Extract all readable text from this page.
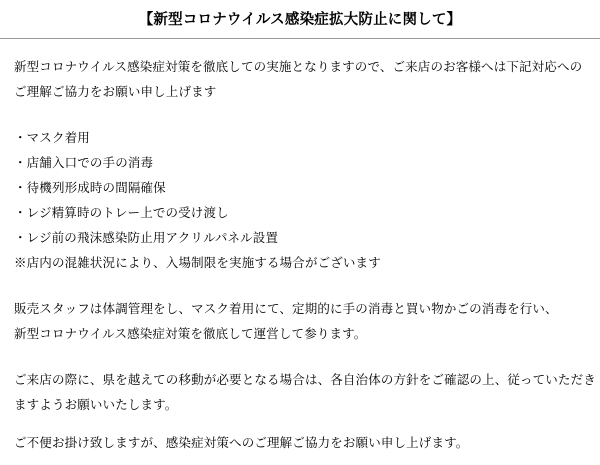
【新型コロナウイルス感染症拡大防止に関して】
新型コロナウイルス感染症対策を徹底しての実施となりますので、ご来店のお客様へは下記対応への
ご理解ご協力をお願い申し上げます
・マスク着用
・店舗入口での手の消毒
・待機列形成時の間隔確保
・レジ精算時のトレー上での受け渡し
・レジ前の飛沫感染防止用アクリルパネル設置
※店内の混雑状況により、入場制限を実施する場合がございます
販売スタッフは体調管理をし、マスク着用にて、定期的に手の消毒と買い物かごの消毒を行い、
新型コロナウイルス感染症対策を徹底して運営して参ります。
ご来店の際に、県を越えての移動が必要となる場合は、各自治体の方針をご確認の上、従っていただき
ますようお願いいたします。
ご不便お掛け致しますが、感染症対策へのご理解ご協力をお願い申し上げます。
